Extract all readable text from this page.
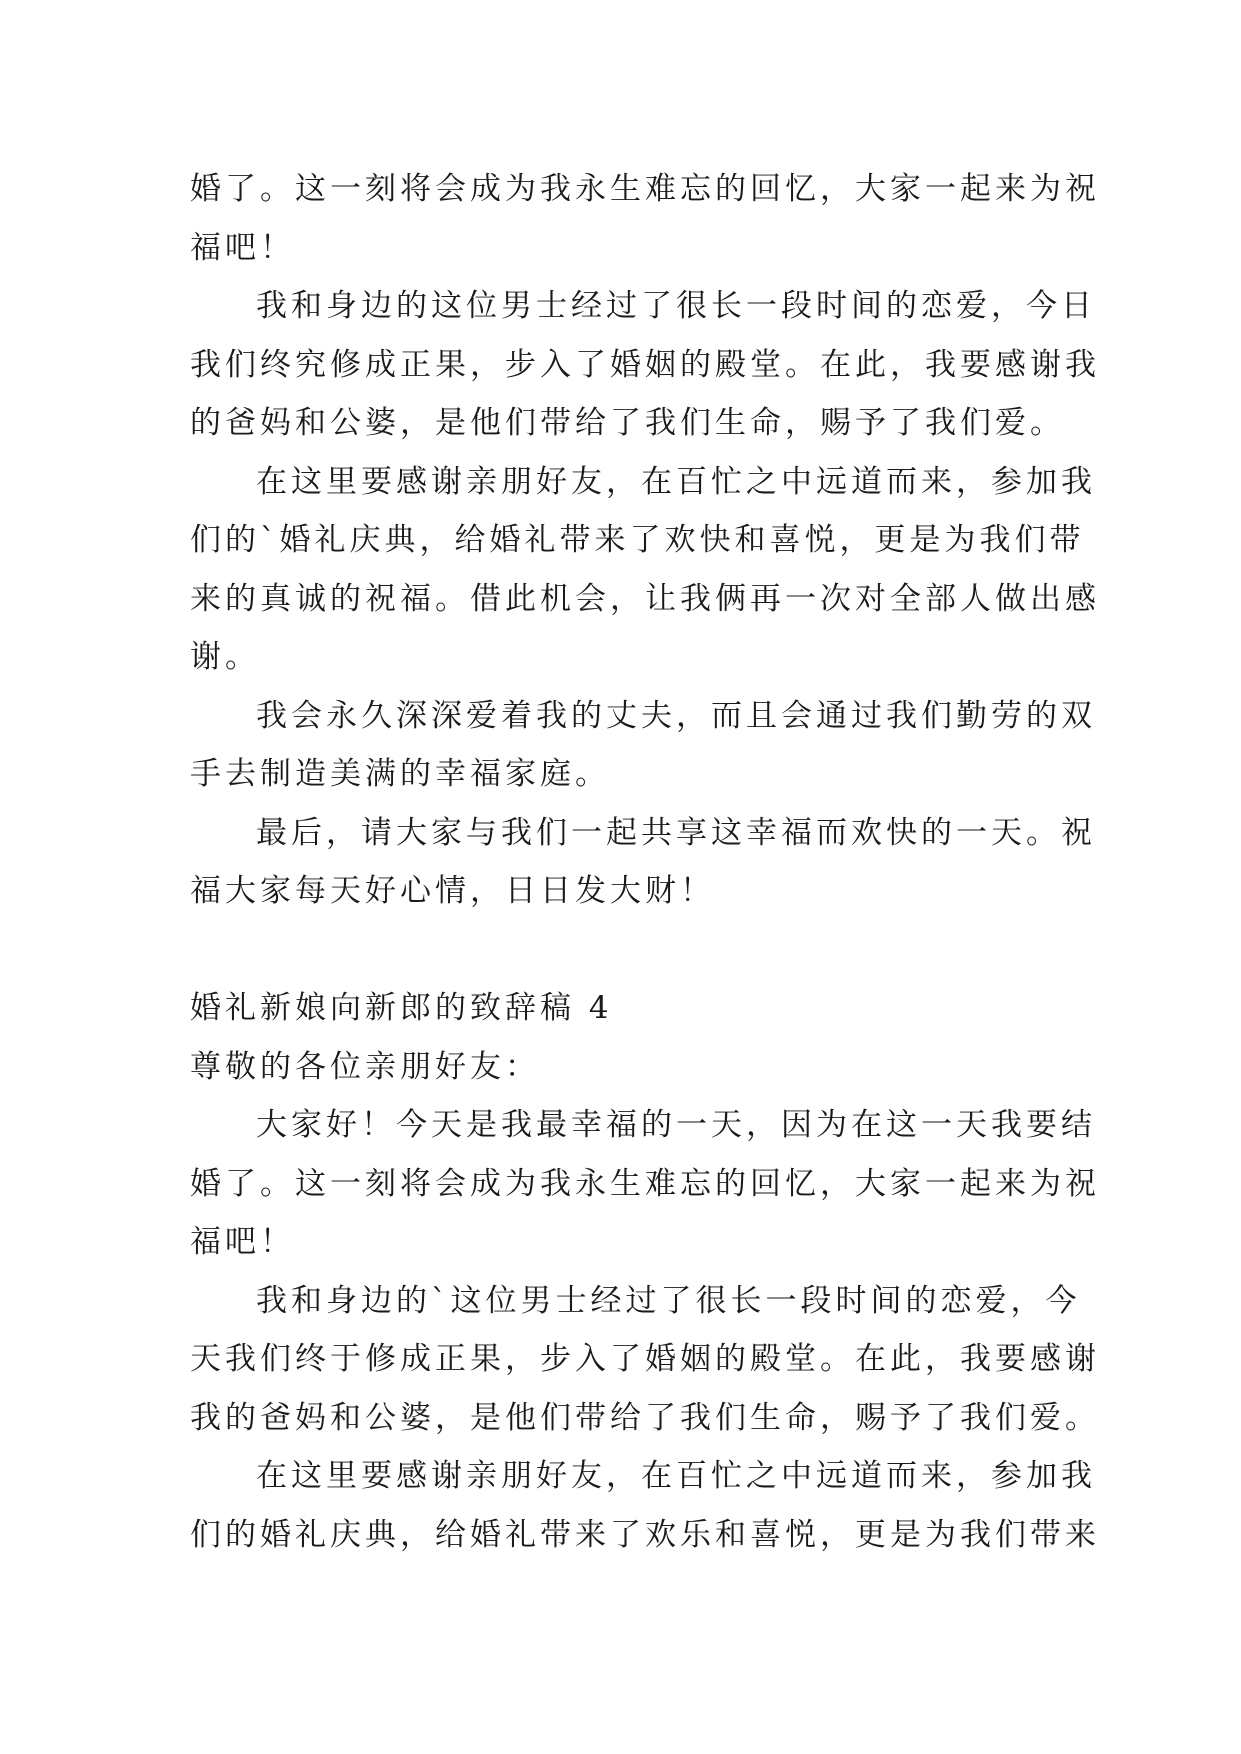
婚了。这一刻将会成为我永生难忘的回忆，大家一起来为祝
福吧！
我和身边的这位男士经过了很长一段时间的恋爱，今日
我们终究修成正果，步入了婚姻的殿堂。在此，我要感谢我
的爸妈和公婆，是他们带给了我们生命，赐予了我们爱。
在这里要感谢亲朋好友，在百忙之中远道而来，参加我
们的`婚礼庆典，给婚礼带来了欢快和喜悦，更是为我们带
来的真诚的祝福。借此机会，让我俩再一次对全部人做出感
谢。
我会永久深深爱着我的丈夫，而且会通过我们勤劳的双
手去制造美满的幸福家庭。
最后，请大家与我们一起共享这幸福而欢快的一天。祝
福大家每天好心情，日日发大财！
婚礼新娘向新郎的致辞稿 4
尊敬的各位亲朋好友：
大家好！今天是我最幸福的一天，因为在这一天我要结
婚了。这一刻将会成为我永生难忘的回忆，大家一起来为祝
福吧！
我和身边的`这位男士经过了很长一段时间的恋爱，今
天我们终于修成正果，步入了婚姻的殿堂。在此，我要感谢
我的爸妈和公婆，是他们带给了我们生命，赐予了我们爱。
在这里要感谢亲朋好友，在百忙之中远道而来，参加我
们的婚礼庆典，给婚礼带来了欢乐和喜悦，更是为我们带来
